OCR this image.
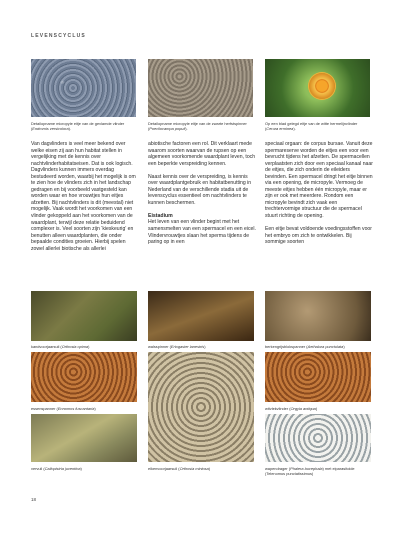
LEVENSCYCLUS
Detailopname micropyle eitje van de gevlamde vlinder (Endromis versicolora).
Detailopname micropyle eitje van de zwarte herfstspinner (Poecilocampa populi).
Op een blad gelegd eitje van de witte hermelijnvlinder (Cerura erminea).

Van dagvlinders is veel meer bekend over welke eisen zij aan hun habitat stellen in vergelijking met de kennis over nachtvlinderhabitatseisen. Dat is ook logisch. Dagvlinders kunnen immers overdag bestudeerd worden, waarbij het mogelijk is om te zien hoe de vlinders zich in het landschap gedragen en bij voorbeeld vastgesteld kan worden waar en hoe vrouwtjes hun eitjes afzetten. Bij nachtvlinders is dit (meestal) niet mogelijk. Vaak wordt het voorkomen van een vlinder gekoppeld aan het voorkomen van de waardplant, terwijl deze relatie beduidend complexer is. Veel soorten zijn ‘kieskeurig’ en benutten alleen waardplanten, die onder bepaalde condities groeien. Hierbij spelen zowel allerlei biotische als allerlei

abiotische factoren een rol. Dit verklaart mede waarom soorten waarvan de rupsen op een algemeen voorkomende waardplant leven, toch een beperkte verspreiding kennen.

Naast kennis over de verspreiding, is kennis over waardplantgebruik en habitatbenutting in Nederland van de verschillende stadia uit de levenscyclus essentieel om nachtvlinders te kunnen beschermen.

Eistadium

Het leven van een vlinder begint met het samensmelten van een spermacel en een eicel. Vlindervrouwtjes slaan het sperma tijdens de paring op in een

speciaal orgaan: de corpus bursae. Vanuit deze spermareserve worden de eitjes een voor een bevrucht tijdens het afzetten. De spermacellen verplaatsten zich door een speciaal kanaal naar de eitjes, die zich onderin de eileiders bevinden. Een spermacel dringt het eitje binnen via een opening, de micropyle. Vermoeg de meeste eitjes hebben één micropyle, maar er zijn er ook met meerdere. Rondom een micropyle bevindt zich vaak een trechtervormige structuur die de spermacel stuurt richting de opening.

Een eitje bevat voldoende voedingsstoffen voor het embryo om zich te ontwikkelen. Bij sommige soorten

kandvoorjaarsuil (Orthosia opima)	walsspinner (Eriogaster lanestris)	berkengrijsblokspanner (Aethalura punctulata)
essenspanner (Ennomos fuscantaria)	witvlekvlinder (Orgyia antiqua)
vervuil (Callopistria juventina)	eikenvoorjaarsuil (Orthosia miniosa)	wapendrager (Phalera bucephala) met eiparasitoide (Telenomus punctatissimus)
18
